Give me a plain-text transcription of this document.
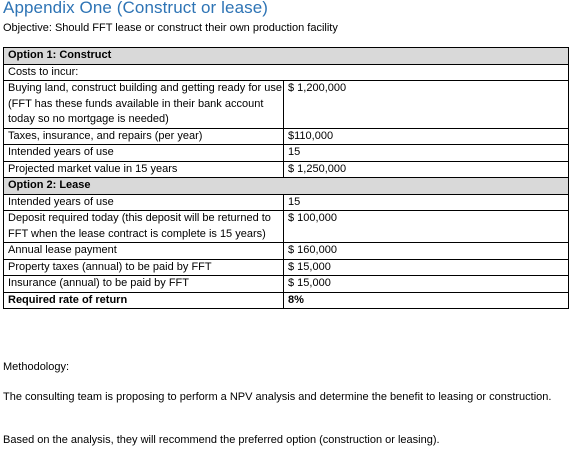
Appendix One (Construct or lease)
Objective: Should FFT lease or construct their own production facility
Option 1: Construct	
Costs to incur:	
Buying land, construct building and getting ready for use (FFT has these funds available in their bank account today so no mortgage is needed)	$ 1,200,000
Taxes, insurance, and repairs (per year)	$110,000
Intended years of use	15
Projected market value in 15 years	$ 1,250,000
Option 2: Lease	
Intended years of use	15
Deposit required today (this deposit will be returned to FFT when the lease contract is complete is 15 years)	$ 100,000
Annual lease payment	$ 160,000
Property taxes (annual) to be paid by FFT	$ 15,000
Insurance (annual) to be paid by FFT	$ 15,000
Required rate of return	8%
Methodology:
The consulting team is proposing to perform a NPV analysis and determine the benefit to leasing or construction.
Based on the analysis, they will recommend the preferred option (construction or leasing).
